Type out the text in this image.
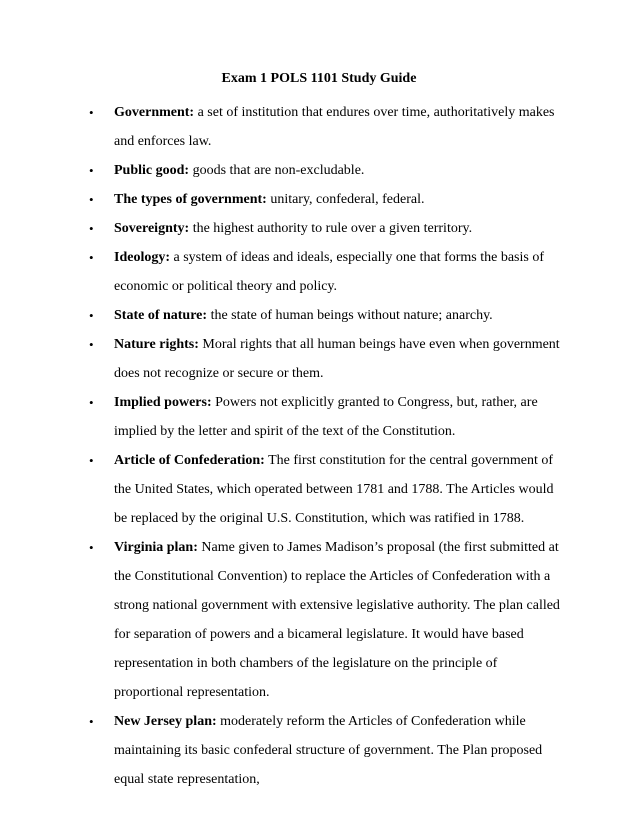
Exam 1 POLS 1101 Study Guide
• Government: a set of institution that endures over time, authoritatively makes and enforces law.
• Public good: goods that are non-excludable.
• The types of government: unitary, confederal, federal.
• Sovereignty: the highest authority to rule over a given territory.
• Ideology: a system of ideas and ideals, especially one that forms the basis of economic or political theory and policy.
• State of nature: the state of human beings without nature; anarchy.
• Nature rights: Moral rights that all human beings have even when government does not recognize or secure or them.
• Implied powers: Powers not explicitly granted to Congress, but, rather, are implied by the letter and spirit of the text of the Constitution.
• Article of Confederation: The first constitution for the central government of the United States, which operated between 1781 and 1788. The Articles would be replaced by the original U.S. Constitution, which was ratified in 1788.
• Virginia plan: Name given to James Madison’s proposal (the first submitted at the Constitutional Convention) to replace the Articles of Confederation with a strong national government with extensive legislative authority. The plan called for separation of powers and a bicameral legislature. It would have based representation in both chambers of the legislature on the principle of proportional representation.
• New Jersey plan: moderately reform the Articles of Confederation while maintaining its basic confederal structure of government. The Plan proposed equal state representation,
